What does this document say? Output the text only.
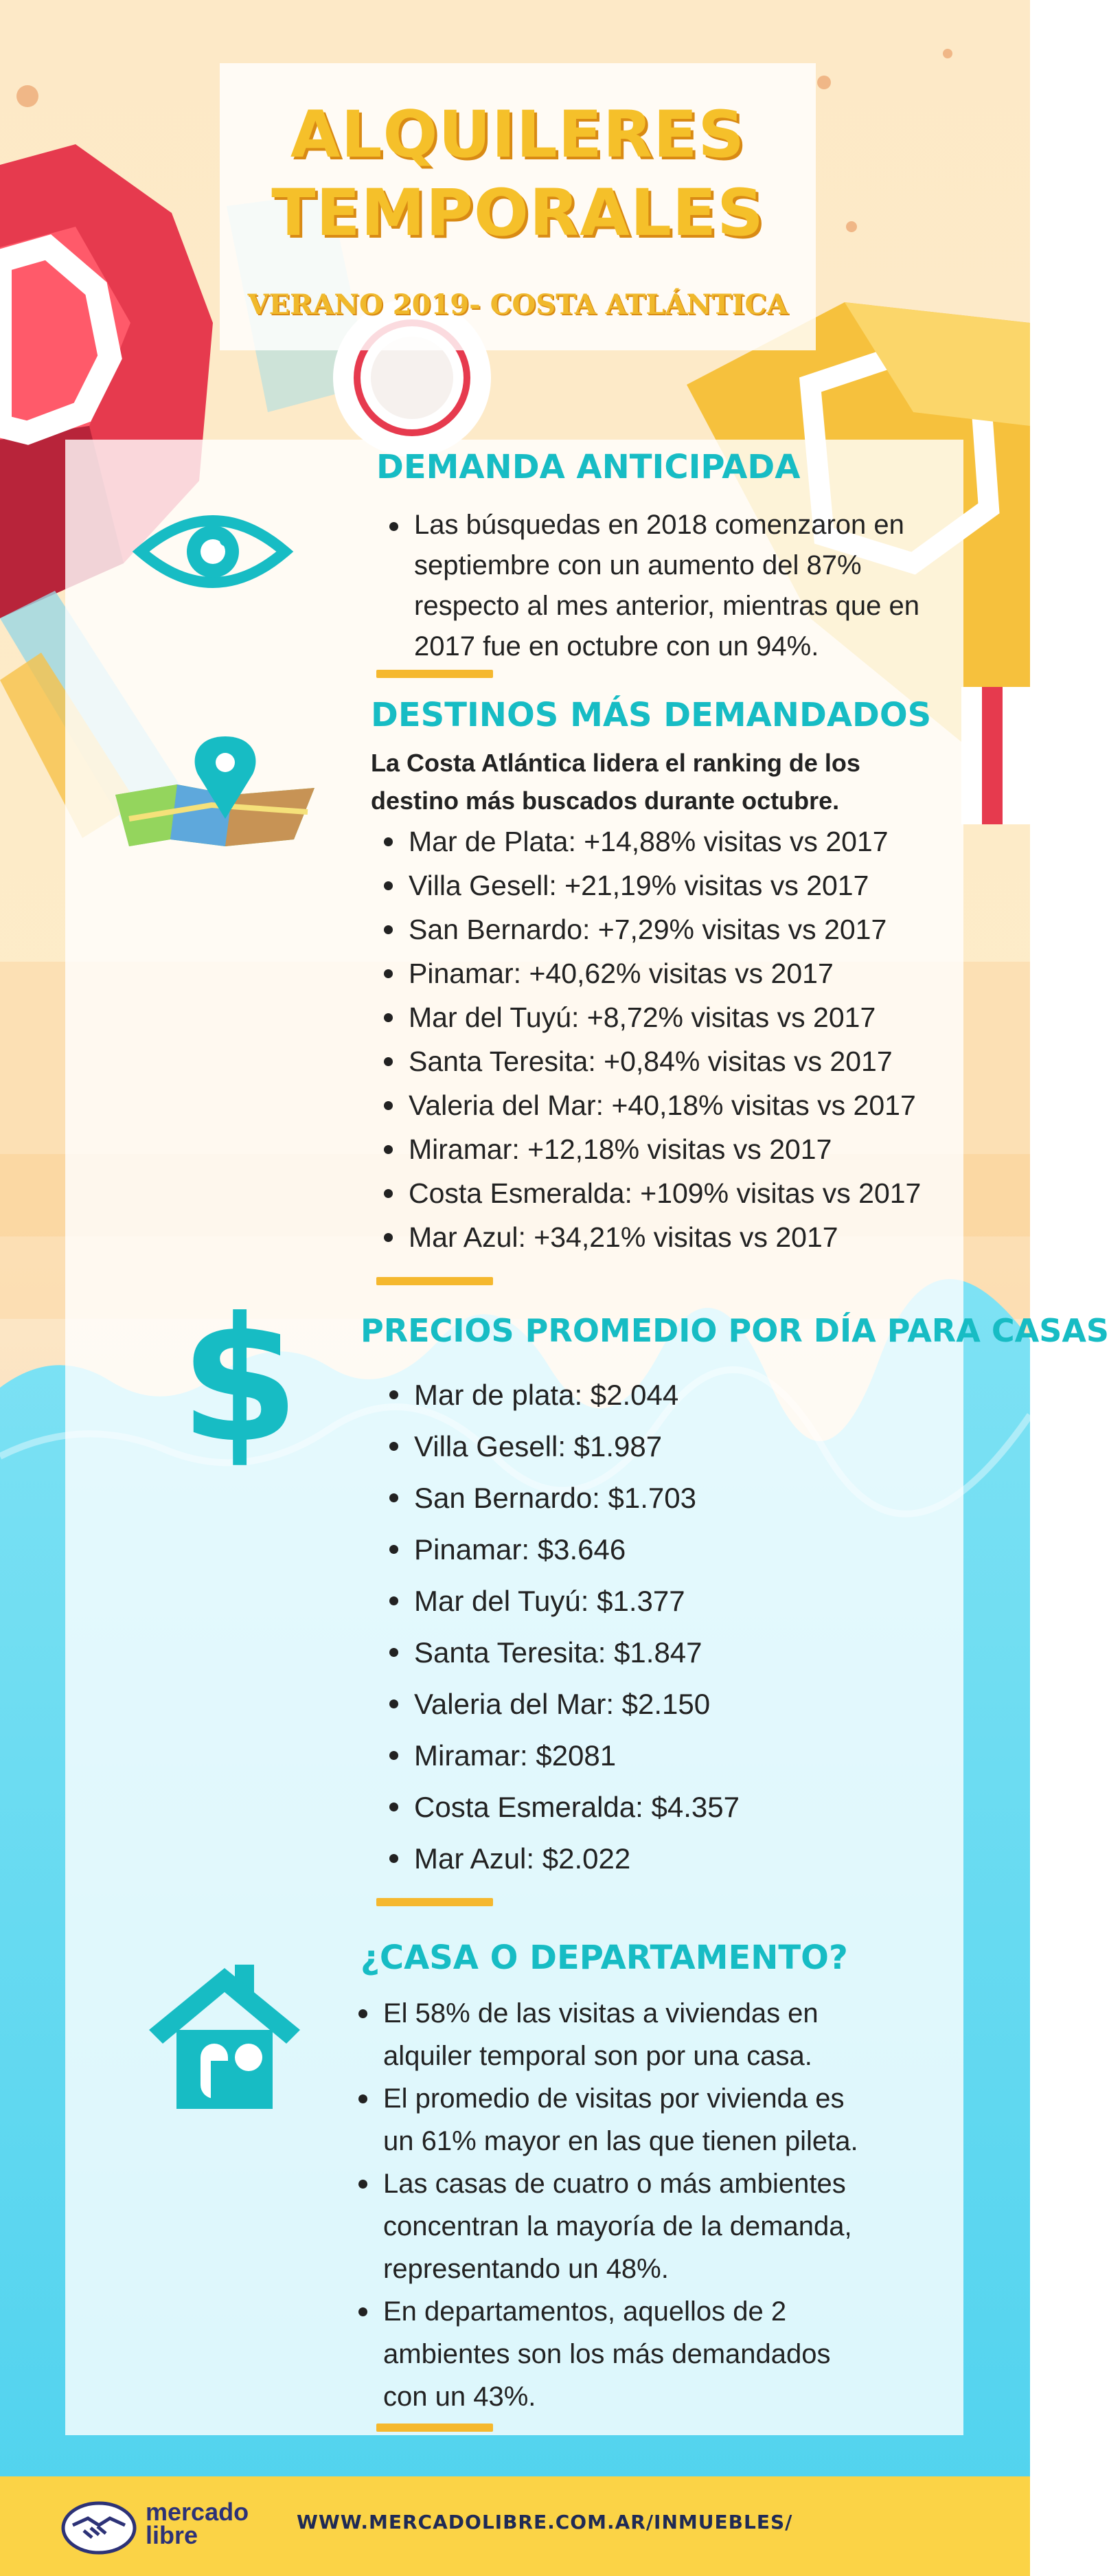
ALQUILERES
TEMPORALES
VERANO 2019- COSTA ATLÁNTICA
DEMANDA ANTICIPADA
Las búsquedas en 2018 comenzaron en septiembre con un aumento del 87% respecto al mes anterior, mientras que en 2017 fue en octubre con un 94%.
DESTINOS MÁS DEMANDADOS
La Costa Atlántica lidera el ranking de los destino más buscados durante octubre.
Mar de Plata: +14,88% visitas vs 2017
Villa Gesell: +21,19% visitas vs 2017
San Bernardo: +7,29% visitas vs 2017
Pinamar: +40,62% visitas vs 2017
Mar del Tuyú: +8,72% visitas vs 2017
Santa Teresita: +0,84% visitas vs 2017
Valeria del Mar: +40,18% visitas vs 2017
Miramar: +12,18% visitas vs 2017
Costa Esmeralda: +109% visitas vs 2017
Mar Azul: +34,21% visitas vs 2017
$ PRECIOS PROMEDIO POR DÍA PARA CASAS
Mar de plata: $2.044
Villa Gesell: $1.987
San Bernardo: $1.703
Pinamar: $3.646
Mar del Tuyú: $1.377
Santa Teresita: $1.847
Valeria del Mar: $2.150
Miramar: $2081
Costa Esmeralda: $4.357
Mar Azul: $2.022
¿CASA O DEPARTAMENTO?
El 58% de las visitas a viviendas en alquiler temporal son por una casa.
El promedio de visitas por vivienda es un 61% mayor en las que tienen pileta.
Las casas de cuatro o más ambientes concentran la mayoría de la demanda, representando un 48%.
En departamentos, aquellos de 2 ambientes son los más demandados con un 43%.
mercado
libre	WWW.MERCADOLIBRE.COM.AR/INMUEBLES/
